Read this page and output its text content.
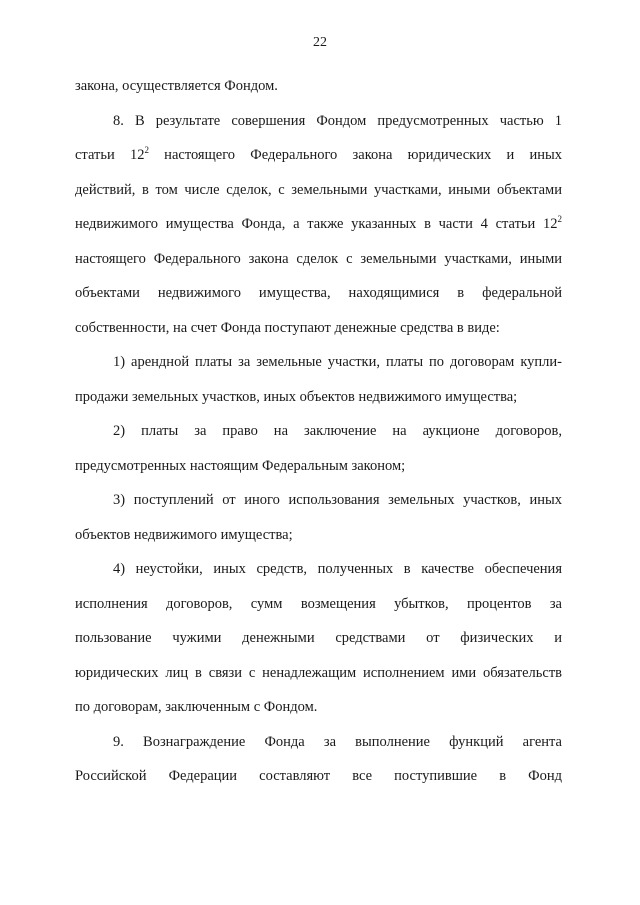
22

закона, осуществляется Фондом.

8. В результате совершения Фондом предусмотренных частью 1

статьи $12^2$ настоящего Федерального закона юридических и иных

действий, в том числе сделок, с земельными участками, иными объектами

недвижимого имущества Фонда, а также указанных в части 4 статьи $12^2$

настоящего Федерального закона сделок с земельными участками, иными

объектами недвижимого имущества, находящимися в федеральной

собственности, на счет Фонда поступают денежные средства в виде:

1) арендной платы за земельные участки, платы по договорам купли-

продажи земельных участков, иных объектов недвижимого имущества;

2) платы за право на заключение на аукционе договоров,

предусмотренных настоящим Федеральным законом;

3) поступлений от иного использования земельных участков, иных

объектов недвижимого имущества;

4) неустойки, иных средств, полученных в качестве обеспечения

исполнения договоров, сумм возмещения убытков, процентов за

пользование чужими денежными средствами от физических и

юридических лиц в связи с ненадлежащим исполнением ими обязательств

по договорам, заключенным с Фондом.

9. Вознаграждение Фонда за выполнение функций агента

Российской Федерации составляют все поступившие в Фонд
